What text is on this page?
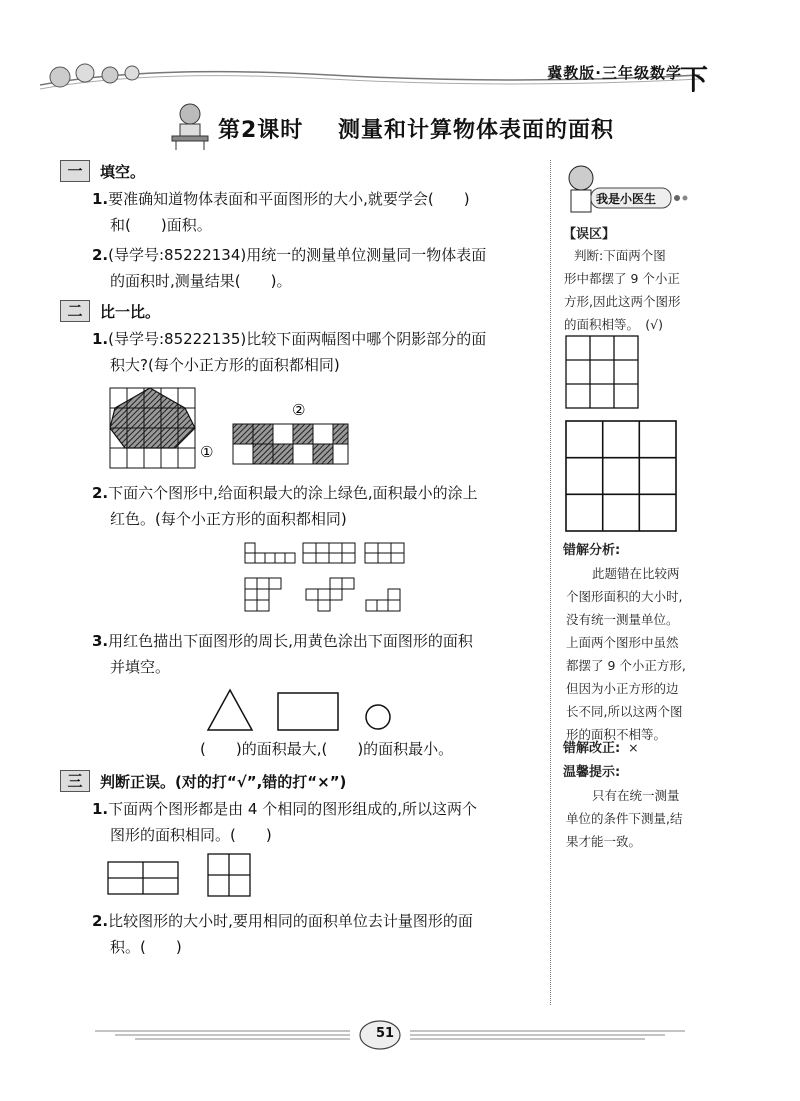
冀教版·三年级数学
下
第2课时 测量和计算物体表面的面积
一	填空。
1.要准确知道物体表面和平面图形的大小,就要学会(　　)
和(　　)面积。
2.(导学号:85222134)用统一的测量单位测量同一物体表面
的面积时,测量结果(　　)。
二	比一比。
1.(导学号:85222135)比较下面两幅图中哪个阴影部分的面
积大?(每个小正方形的面积都相同)
①
②
2.下面六个图形中,给面积最大的涂上绿色,面积最小的涂上
红色。(每个小正方形的面积都相同)
3.用红色描出下面图形的周长,用黄色涂出下面图形的面积
并填空。
(　　)的面积最大,(　　)的面积最小。
三	判断正误。(对的打“√”,错的打“×”)
1.下面两个图形都是由 4 个相同的图形组成的,所以这两个
图形的面积相同。(　　)
2.比较图形的大小时,要用相同的面积单位去计量图形的面
积。(　　)
我是小医生
【误区】
判断:下面两个图
形中都摆了 9 个小正
方形,因此这两个图形
的面积相等。　(√)
错解分析:
此题错在比较两
个图形面积的大小时,
没有统一测量单位。
上面两个图形中虽然
都摆了 9 个小正方形,
但因为小正方形的边
长不同,所以这两个图
形的面积不相等。
错解改正: ×
温馨提示:
只有在统一测量
单位的条件下测量,结
果才能一致。
51
